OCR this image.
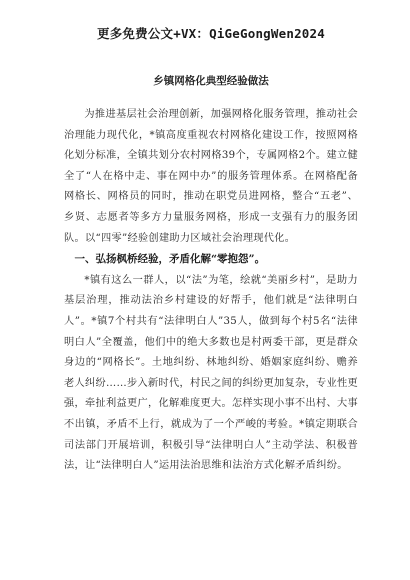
更多免费公文+VX：QiGeGongWen2024
乡镇网格化典型经验做法

为推进基层社会治理创新，加强网格化服务管理，推动社会治理能力现代化，*镇高度重视农村网格化建设工作，按照网格化划分标准，全镇共划分农村网格39个，专属网格2个。建立健全了“人在格中走、事在网中办”的服务管理体系。在网格配备网格长、网格员的同时，推动在职党员进网格，整合“五老”、乡贤、志愿者等多方力量服务网格，形成一支强有力的服务团队。以“四零”经验创建助力区域社会治理现代化。

一、弘扬枫桥经验，矛盾化解“零抱怨”。

*镇有这么一群人，以“法”为笔，绘就“美丽乡村”，是助力基层治理，推动法治乡村建设的好帮手，他们就是“法律明白人”。*镇7个村共有“法律明白人”35人，做到每个村5名“法律明白人”全覆盖，他们中的绝大多数也是村两委干部，更是群众身边的“网格长”。土地纠纷、林地纠纷、婚姻家庭纠纷、赡养老人纠纷……步入新时代，村民之间的纠纷更加复杂，专业性更强，牵扯利益更广，化解难度更大。怎样实现小事不出村、大事不出镇，矛盾不上行，就成为了一个严峻的考验。*镇定期联合司法部门开展培训，积极引导“法律明白人”主动学法、积极普法，让“法律明白人”运用法治思维和法治方式化解矛盾纠纷。
